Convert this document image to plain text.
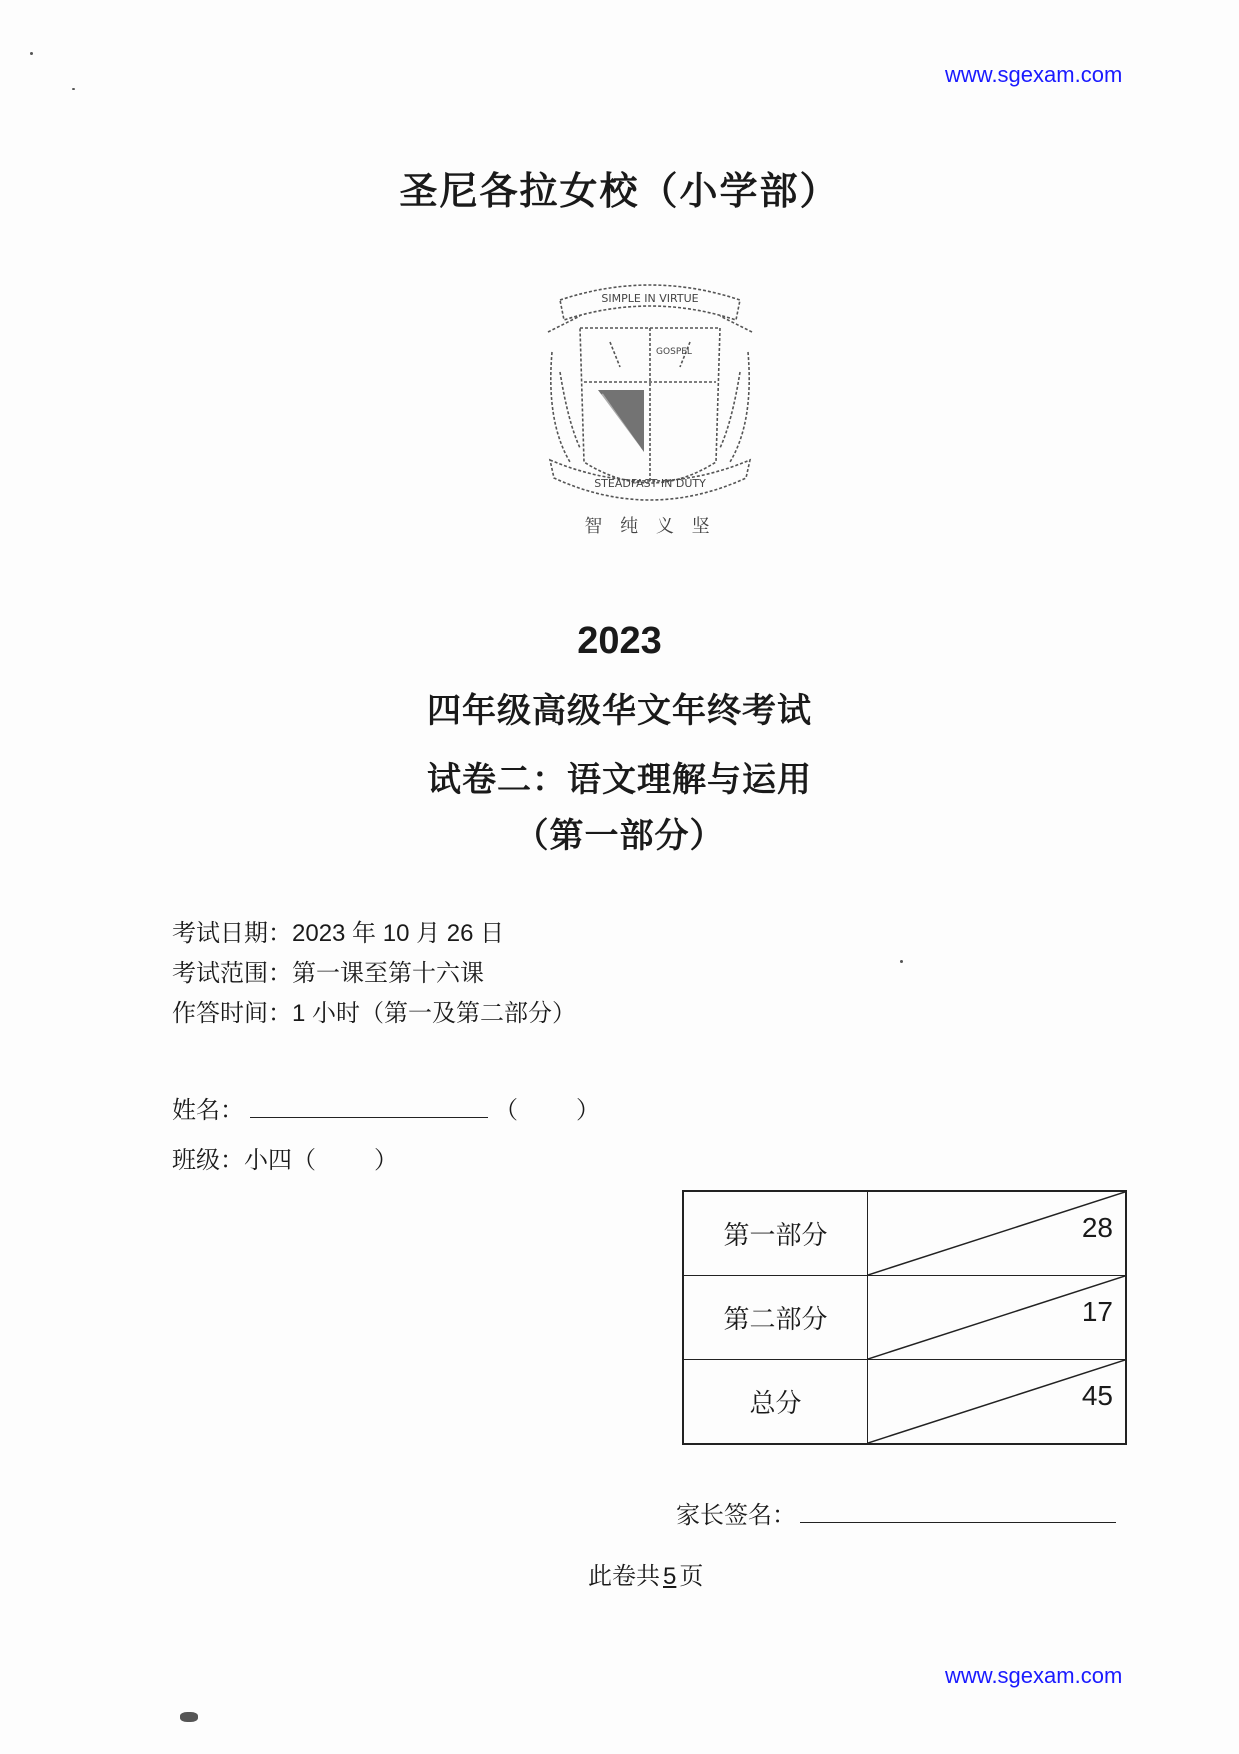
www.sgexam.com
圣尼各拉女校（小学部）
SIMPLE IN VIRTUE
GOSPEL
STEADFAST IN DUTY
智 纯 义 坚
2023
四年级高级华文年终考试
试卷二：语文理解与运用
（第一部分）
考试日期：2023 年 10 月 26 日
考试范围：第一课至第十六课
作答时间：1 小时（第一及第二部分）
姓名：	（ ）
班级：小四（ ）
第一部分	28

第二部分	17

总分	45
家长签名：
此卷共 5 页
www.sgexam.com
